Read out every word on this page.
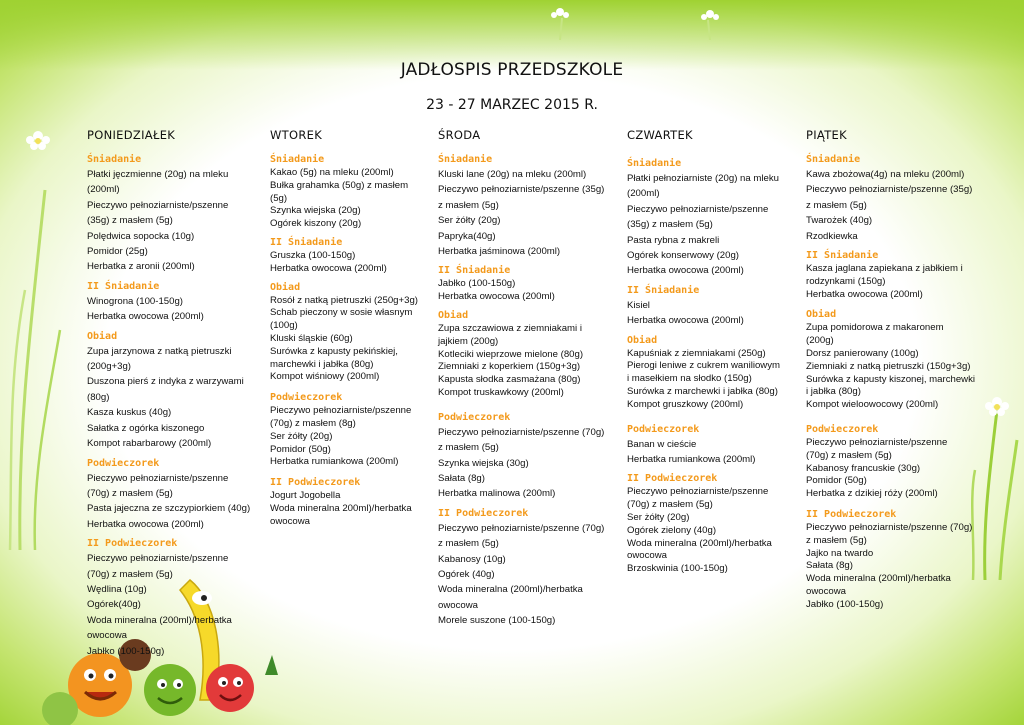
JADŁOSPIS PRZEDSZKOLE
23 - 27 MARZEC 2015 R.
PONIEDZIAŁEK
Śniadanie
Płatki jęczmienne (20g) na mleku
(200ml)
Pieczywo pełnoziarniste/pszenne
(35g) z masłem (5g)
Polędwica sopocka (10g)
Pomidor (25g)
Herbatka z aronii (200ml)
II Śniadanie
Winogrona (100-150g)
Herbatka owocowa (200ml)
Obiad
Zupa jarzynowa z natką pietruszki
(200g+3g)
Duszona pierś z indyka z warzywami
(80g)
Kasza kuskus (40g)
Sałatka z ogórka kiszonego
Kompot rabarbarowy (200ml)
Podwieczorek
Pieczywo pełnoziarniste/pszenne
(70g) z masłem (5g)
Pasta jajeczna ze szczypiorkiem (40g)
Herbatka owocowa (200ml)
II Podwieczorek
Pieczywo pełnoziarniste/pszenne
(70g) z masłem (5g)
Wędlina (10g)
Ogórek(40g)
Woda mineralna (200ml)/herbatka
owocowa
Jabłko (100-150g)
WTOREK
Śniadanie
Kakao (5g) na mleku (200ml)
Bułka grahamka (50g) z masłem
(5g)
Szynka wiejska (20g)
Ogórek kiszony (20g)
II Śniadanie
Gruszka (100-150g)
Herbatka owocowa (200ml)
Obiad
Rosół z natką pietruszki (250g+3g)
Schab pieczony w sosie własnym
(100g)
Kluski śląskie (60g)
Surówka z kapusty pekińskiej,
marchewki i jabłka (80g)
Kompot wiśniowy (200ml)
Podwieczorek
Pieczywo pełnoziarniste/pszenne
(70g) z masłem (8g)
Ser żółty (20g)
Pomidor (50g)
Herbatka rumiankowa (200ml)
II Podwieczorek
Jogurt Jogobella
Woda mineralna 200ml)/herbatka
owocowa
ŚRODA
Śniadanie
Kluski lane (20g) na mleku (200ml)
Pieczywo pełnoziarniste/pszenne (35g)
z masłem (5g)
Ser żółty (20g)
Papryka(40g)
Herbatka jaśminowa (200ml)
II Śniadanie
Jabłko (100-150g)
Herbatka owocowa (200ml)
Obiad
Zupa szczawiowa z ziemniakami i
jajkiem (200g)
Kotleciki wieprzowe mielone (80g)
Ziemniaki z koperkiem (150g+3g)
Kapusta słodka zasmażana (80g)
Kompot truskawkowy (200ml)
Podwieczorek
Pieczywo pełnoziarniste/pszenne (70g)
z masłem (5g)
Szynka wiejska (30g)
Sałata (8g)
Herbatka malinowa (200ml)
II Podwieczorek
Pieczywo pełnoziarniste/pszenne (70g)
z masłem (5g)
Kabanosy (10g)
Ogórek (40g)
Woda mineralna (200ml)/herbatka
owocowa
Morele suszone (100-150g)
CZWARTEK
Śniadanie
Płatki pełnoziarniste (20g) na mleku
(200ml)
Pieczywo pełnoziarniste/pszenne
(35g) z masłem (5g)
Pasta rybna z makreli
Ogórek konserwowy (20g)
Herbatka owocowa (200ml)
II Śniadanie
Kisiel
Herbatka owocowa (200ml)
Obiad
Kapuśniak z ziemniakami (250g)
Pierogi leniwe z cukrem waniliowym
i masełkiem na słodko (150g)
Surówka z marchewki i jabłka (80g)
Kompot gruszkowy (200ml)
Podwieczorek
Banan w cieście
Herbatka rumiankowa (200ml)
II Podwieczorek
Pieczywo pełnoziarniste/pszenne
(70g) z masłem (5g)
Ser żółty (20g)
Ogórek zielony (40g)
Woda mineralna (200ml)/herbatka
owocowa
Brzoskwinia (100-150g)
PIĄTEK
Śniadanie
Kawa zbożowa(4g) na mleku (200ml)
Pieczywo pełnoziarniste/pszenne (35g)
z masłem (5g)
Twarożek (40g)
Rzodkiewka
II Śniadanie
Kasza jaglana zapiekana z jabłkiem i
rodzynkami (150g)
Herbatka owocowa (200ml)
Obiad
Zupa pomidorowa z makaronem
(200g)
Dorsz panierowany (100g)
Ziemniaki z natką pietruszki (150g+3g)
Surówka z kapusty kiszonej, marchewki
i jabłka (80g)
Kompot wieloowocowy (200ml)
Podwieczorek
Pieczywo pełnoziarniste/pszenne
(70g) z masłem (5g)
Kabanosy francuskie (30g)
Pomidor (50g)
Herbatka z dzikiej róży (200ml)
II Podwieczorek
Pieczywo pełnoziarniste/pszenne (70g)
z masłem (5g)
Jajko na twardo
Sałata (8g)
Woda mineralna (200ml)/herbatka
owocowa
Jabłko (100-150g)
